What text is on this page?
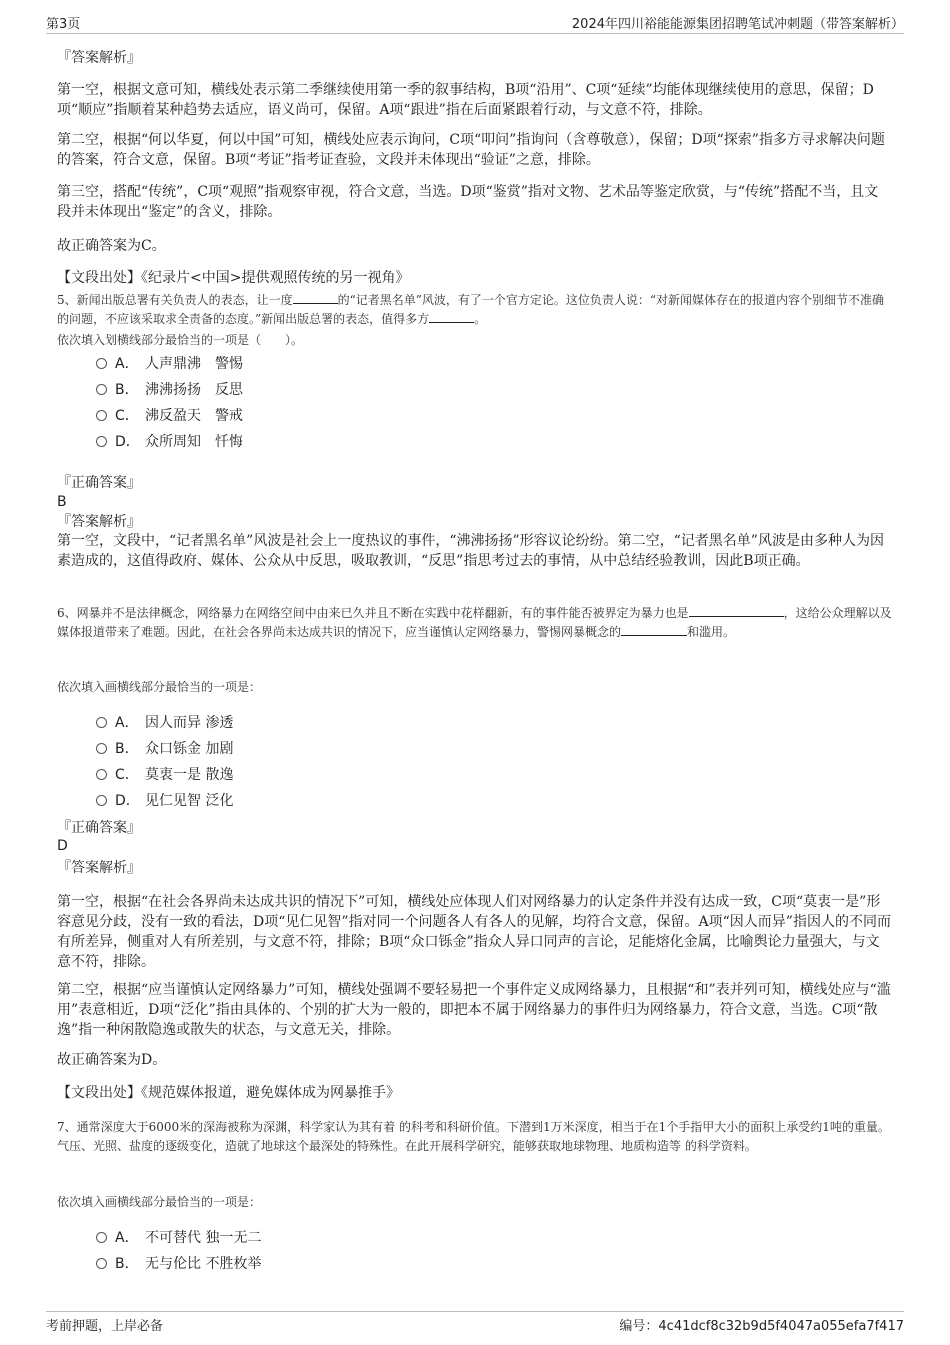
第3页	2024年四川裕能能源集团招聘笔试冲刺题（带答案解析）
『答案解析』
第一空，根据文意可知，横线处表示第二季继续使用第一季的叙事结构，B项“沿用”、C项“延续”均能体现继续使用的意思，保留；D项“顺应”指顺着某种趋势去适应，语义尚可，保留。A项“跟进”指在后面紧跟着行动，与文意不符，排除。
第二空，根据“何以华夏，何以中国”可知，横线处应表示询问，C项“叩问”指询问（含尊敬意），保留；D项“探索”指多方寻求解决问题的答案，符合文意，保留。B项“考证”指考证查验，文段并未体现出“验证”之意，排除。
第三空，搭配“传统”，C项“观照”指观察审视，符合文意，当选。D项“鉴赏”指对文物、艺术品等鉴定欣赏，与“传统”搭配不当，且文段并未体现出“鉴定”的含义，排除。
故正确答案为C。
【文段出处】《纪录片<中国>提供观照传统的另一视角》
5、新闻出版总署有关负责人的表态，让一度	的“记者黑名单”风波，有了一个官方定论。这位负责人说：“对新闻媒体存在的报道内容个别细节不准确的问题，不应该采取求全责备的态度。”新闻出版总署的表态，值得多方	。
依次填入划横线部分最恰当的一项是（　　）。
A． 人声鼎沸　警惕
B． 沸沸扬扬　反思
C． 沸反盈天　警戒
D． 众所周知　忏悔
『正确答案』
B
『答案解析』
第一空，文段中，“记者黑名单”风波是社会上一度热议的事件，“沸沸扬扬”形容议论纷纷。第二空，“记者黑名单”风波是由多种人为因素造成的，这值得政府、媒体、公众从中反思，吸取教训，“反思”指思考过去的事情，从中总结经验教训，因此B项正确。
6、网暴并不是法律概念，网络暴力在网络空间中由来已久并且不断在实践中花样翻新，有的事件能否被界定为暴力也是	，这给公众理解以及媒体报道带来了难题。因此，在社会各界尚未达成共识的情况下，应当谨慎认定网络暴力，警惕网暴概念的	和滥用。
依次填入画横线部分最恰当的一项是：
A． 因人而异 渗透
B． 众口铄金 加剧
C． 莫衷一是 散逸
D． 见仁见智 泛化
『正确答案』
D
『答案解析』
第一空，根据“在社会各界尚未达成共识的情况下”可知，横线处应体现人们对网络暴力的认定条件并没有达成一致，C项“莫衷一是”形容意见分歧，没有一致的看法，D项“见仁见智”指对同一个问题各人有各人的见解，均符合文意，保留。A项“因人而异”指因人的不同而有所差异，侧重对人有所差别，与文意不符，排除；B项“众口铄金”指众人异口同声的言论，足能熔化金属，比喻舆论力量强大，与文意不符，排除。
第二空，根据“应当谨慎认定网络暴力”可知，横线处强调不要轻易把一个事件定义成网络暴力，且根据“和”表并列可知，横线处应与“滥用”表意相近，D项“泛化”指由具体的、个别的扩大为一般的，即把本不属于网络暴力的事件归为网络暴力，符合文意，当选。C项“散逸”指一种闲散隐逸或散失的状态，与文意无关，排除。
故正确答案为D。
【文段出处】《规范媒体报道，避免媒体成为网暴推手》
7、通常深度大于6000米的深海被称为深渊，科学家认为其有着 的科考和科研价值。下潜到1万米深度，相当于在1个手指甲大小的面积上承受约1吨的重量。气压、光照、盐度的逐级变化，造就了地球这个最深处的特殊性。在此开展科学研究，能够获取地球物理、地质构造等 的科学资料。
依次填入画横线部分最恰当的一项是：
A． 不可替代 独一无二
B． 无与伦比 不胜枚举
考前押题，上岸必备	编号：4c41dcf8c32b9d5f4047a055efa7f417
